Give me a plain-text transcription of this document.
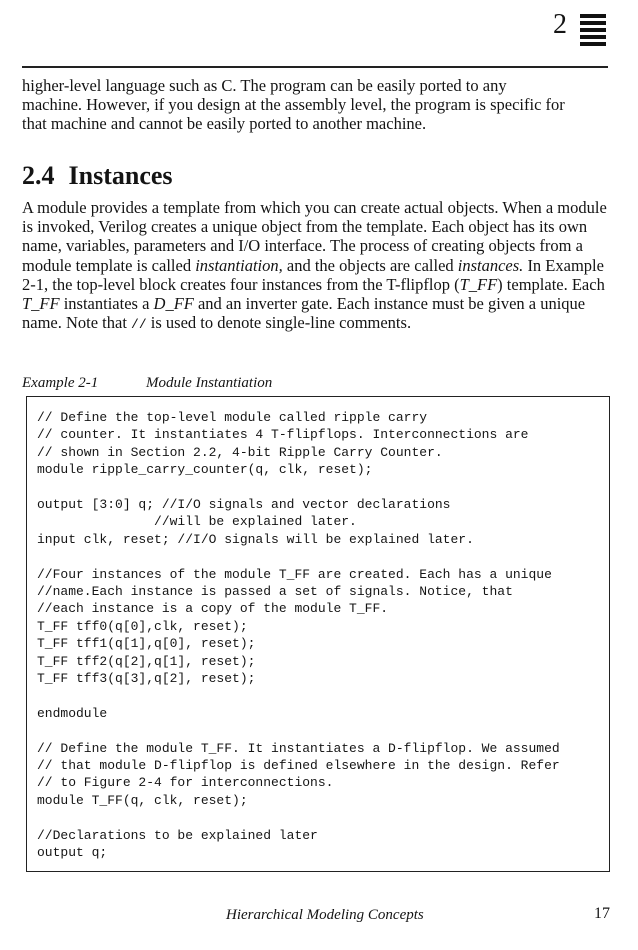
2

higher-level language such as C. The program can be easily ported to any

machine. However, if you design at the assembly level, the program is specific for

that machine and cannot be easily ported to another machine.

2.4 Instances
A module provides a template from which you can create actual objects. When a module is invoked, Verilog creates a unique object from the template. Each object has its own name, variables, parameters and I/O interface. The process of creating objects from a module template is called instantiation, and the objects are called instances. In Example 2-1, the top-level block creates four instances from the T-flipflop (T_FF) template. Each T_FF instantiates a D_FF and an inverter gate. Each instance must be given a unique name. Note that // is used to denote single-line comments.
Example 2-1	Module Instantiation
// Define the top-level module called ripple carry
// counter. It instantiates 4 T-flipflops. Interconnections are
// shown in Section 2.2, 4-bit Ripple Carry Counter.
module ripple_carry_counter(q, clk, reset);
output [3:0] q; //I/O signals and vector declarations
//will be explained later.
input clk, reset; //I/O signals will be explained later.
//Four instances of the module T_FF are created. Each has a unique
//name.Each instance is passed a set of signals. Notice, that
//each instance is a copy of the module T_FF.
T_FF tff0(q[0],clk, reset);
T_FF tff1(q[1],q[0], reset);
T_FF tff2(q[2],q[1], reset);
T_FF tff3(q[3],q[2], reset);
endmodule
// Define the module T_FF. It instantiates a D-flipflop. We assumed
// that module D-flipflop is defined elsewhere in the design. Refer
// to Figure 2-4 for interconnections.
module T_FF(q, clk, reset);
//Declarations to be explained later
output q;
Hierarchical Modeling Concepts	17
